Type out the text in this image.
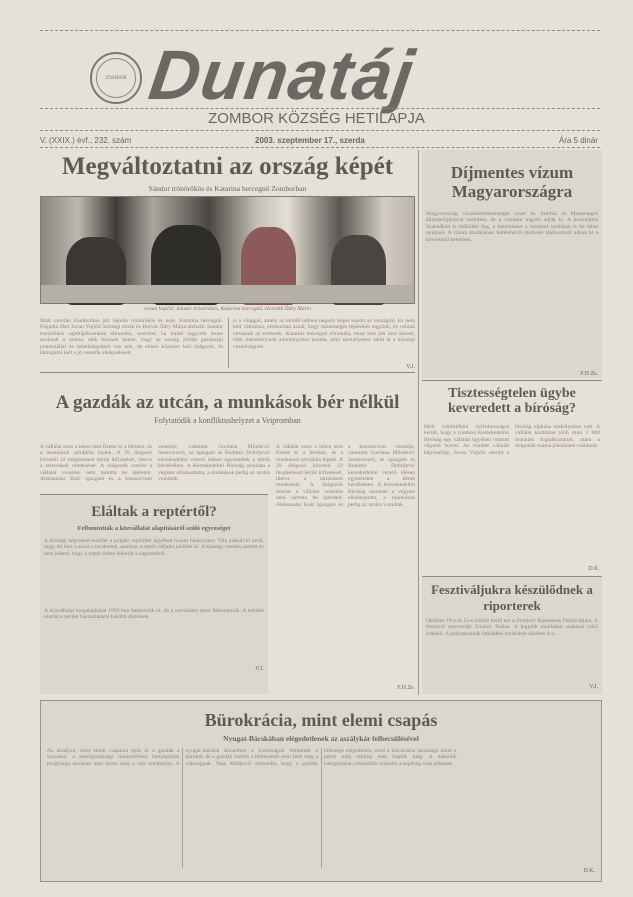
ZOMBOR Dunatáj
ZOMBOR KÖZSÉG HETILAPJA
V. (XXIX.) évf., 232. szám	2003. szeptember 17., szerda	Ára 5 dinár
Megváltoztatni az ország képét
Sándor trónörökös és Katarina hercegnő Zomborban
Jovan Vujičić, Sándor trónörökös, Katarina hercegnő, Horváth Ódry Mária
Múlt szerdán Zomborban járt Sándor trónörökös és neje, Katarina hercegnő. Fogadta őket Jovan Vujičić községi elnök és Horvát Ódry Mária alelnök. Sándor trónörökös sajtótájékoztatón elmondta, szeretné, ha minél nagyobb lenne azoknak a száma, akik hisznek benne, hogy az ország jövője gazdasági potenciállal és lehetőségekkel van tele, de ehhez közösen kell dolgozni, és támogatni kell a jó vezetők elképzeléseit.
is a világgal, amely az elmúlt időben negatív képet kapott az országról. Ez nem kell változnia, elsősorban azzal, hogy tisztességes lépéseket tegyünk, és velünk tartsanak az emberek. Katarina hercegnő elmondta, most sem jött üres kézzel, több intézménynek adományokat hoztak, amit személyesen adott át a községi vezetőségnek.
V.J.
Díjmentes vízum Magyarországra
Magyarország vízumkötelezettséget vezet be Szerbia és Montenegró állampolgáraival szemben, de a vízumot ingyen adják ki. A konzulátus Szabadkán is működni fog, a kérelmeket a zombori irodában is be lehet nyújtani. A vízum kiadásának feltételeiről részletes tájékoztatót adnak ki a következő hetekben.
F.H.Zs.
A gazdák az utcán, a munkások bér nélkül
Folytatódik a konfliktushelyzet a Veipromban
A vállalat ezen a héten sem fizette ki a béreket, és a munkások sztrájkba léptek. A 29 dolgozó követeli 22 megkeresett bérük kifizetését, illetve a tartozások rendezését. A dolgozók szerint a vállalat vezetése nem tartotta be ígéreteit. Aleksandar Kaić igazgató és a konzorcium vezetője, valamint Gordana Milošević üzemvezető, az igazgató és Budimir Dobrijević kereskedelmi vezető ülésen egyeztettek a bérek kérdésében. A Kereskedelmi Bíróság azonban a végzést elhalasztotta, a munkások pedig az utcára vonultak.
A vállalat ezen a héten sem fizette ki a béreket, és a munkások sztrájkba léptek. A 29 dolgozó követeli 22 megkeresett bérük kifizetését, illetve a tartozások rendezését. A dolgozók szerint a vállalat vezetése nem tartotta be ígéreteit. Aleksandar Kaić igazgató és a konzorcium vezetője, valamint Gordana Milošević üzemvezető, az igazgató és Budimir Dobrijević kereskedelmi vezető ülésen egyeztettek a bérek kérdésében. A Kereskedelmi Bíróság azonban a végzést elhalasztotta, a munkások pedig az utcára vonultak.
F.H.Zs.
Eláltak a reptértől?
Felbontották a közvállalat alapításáról szóló egyezséget
A községi képviselő-testület a polgári repülőtér ügyében hozott határozatot. Vita alakult ki arról, hogy mi lesz a sorsa a területnek, amelyet a reptér céljaira jelöltek ki. A községi vezetés szerint ez nem jelenti, hogy a reptér ötlete lekerült a napirendről.
A közvállalat megalapítását 1999-ben határozták el, de a szerződést most felbontották. A testület szerint a terület használatáról később döntenek.
V.J.
Tisztességtelen ügybe keveredett a bíróság?
Múlt csütörtökön nyilvánosságra került, hogy a zombori Kereskedelmi Bíróság egy vállalat ügyében vitatott végzést hozott. Az érintett vállalat képviselője, Jovan Vujičić szerint a bíróság eljárása szabálytalan volt. A vállalat korábban több mint 1 000 munkást foglalkoztatott, mára a dolgozók száma jelentősen csökkent.
D.K.
Fesztiváljukra készülődnek a riporterek
Október 19-e és 25-e között kerül sor a Zombori Riporterek Fesztiváljára. A fesztivál szervezője Zoránic Dušan. A legjobb munkákat szakmai zsűri értékeli. A pályamunkák beküldési határideje október 4-e.
V.J.
Bürokrácia, mint elemi csapás
Nyugat-Bácskában elégedetlenek az aszálykár felbecsülésével
Az aszályra, mint elemi csapásra ejtik ki a gazdák a szavakat, a mezőgazdasági minisztérium kártalanítási programja azonban nem hozta meg a várt eredményt. A nyugat-bácskai körzetben a bizottságok felmérték a károkat, de a gazdák szerint a felbecsülés nem felel meg a valóságnak. Vasa Mašković elmondta, hogy a gazdák többsége elégedetlen, mert a bürokrácia lassúsága miatt a pénzt még mindig nem kapták meg. A második kategóriában részesülők számára a segítség csak jelképes.
D.K.
